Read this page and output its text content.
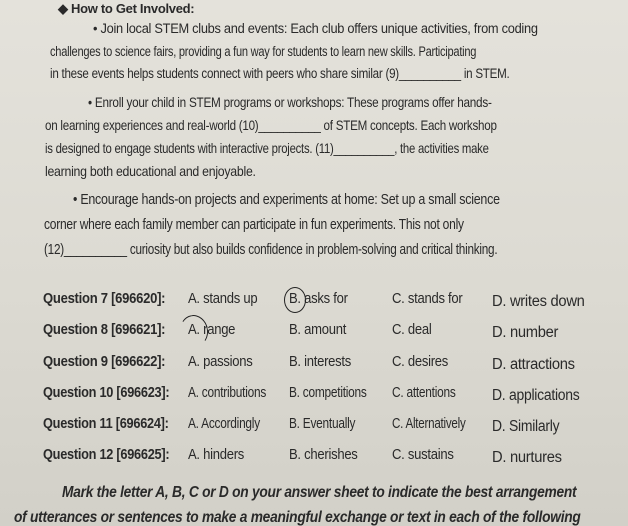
◆ How to Get Involved:
• Join local STEM clubs and events: Each club offers unique activities, from coding
challenges to science fairs, providing a fun way for students to learn new skills. Participating
in these events helps students connect with peers who share similar (9)__________ in STEM.
• Enroll your child in STEM programs or workshops: These programs offer hands-
on learning experiences and real-world (10)__________ of STEM concepts. Each workshop
is designed to engage students with interactive projects. (11)__________, the activities make
learning both educational and enjoyable.
• Encourage hands-on projects and experiments at home: Set up a small science
corner where each family member can participate in fun experiments. This not only
(12)__________ curiosity but also builds confidence in problem-solving and critical thinking.
Question 7 [696620]: A. stands up B. asks for	C. stands for D. writes down
Question 8 [696621]: A. range	B. amount	C. deal	D. number
Question 9 [696622]: A. passions	B. interests	C. desires	D. attractions
Question 10 [696623]: A. contributions B. competitions C. attentions D. applications
Question 11 [696624]: A. Accordingly B. Eventually	C. Alternatively D. Similarly
Question 12 [696625]: A. hinders	B. cherishes C. sustains D. nurtures
Mark the letter A, B, C or D on your answer sheet to indicate the best arrangement
of utterances or sentences to make a meaningful exchange or text in each of the following
